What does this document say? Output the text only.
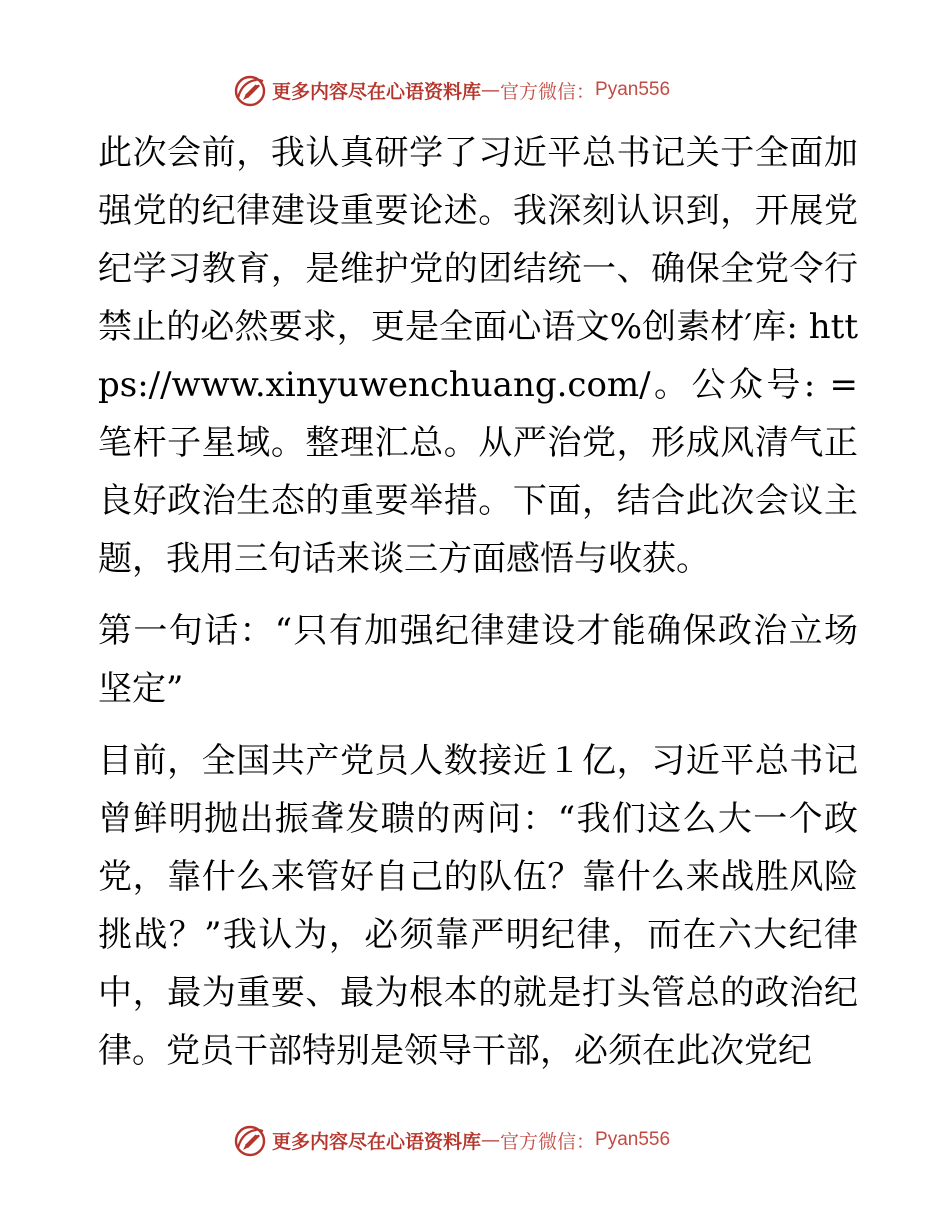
更多内容尽在心语资料库 — 官方微信： Pyan556

此次会前，我认真研学了习近平总书记关于全面加强党的纪律建设重要论述。我深刻认识到，开展党纪学习教育，是维护党的团结统一、确保全党令行禁止的必然要求，更是全面心语文%创素材′库: https://www.xinyuwenchuang.com/。公众号: =笔杆子星域。整理汇总。从严治党，形成风清气正良好政治生态的重要举措。下面，结合此次会议主题，我用三句话来谈三方面感悟与收获。

第一句话：“只有加强纪律建设才能确保政治立场坚定”

目前，全国共产党员人数接近１亿，习近平总书记曾鲜明抛出振聋发聩的两问：“我们这么大一个政党，靠什么来管好自己的队伍？靠什么来战胜风险挑战？”我认为，必须靠严明纪律，而在六大纪律中，最为重要、最为根本的就是打头管总的政治纪律。党员干部特别是领导干部，必须在此次党纪

更多内容尽在心语资料库 — 官方微信： Pyan556
